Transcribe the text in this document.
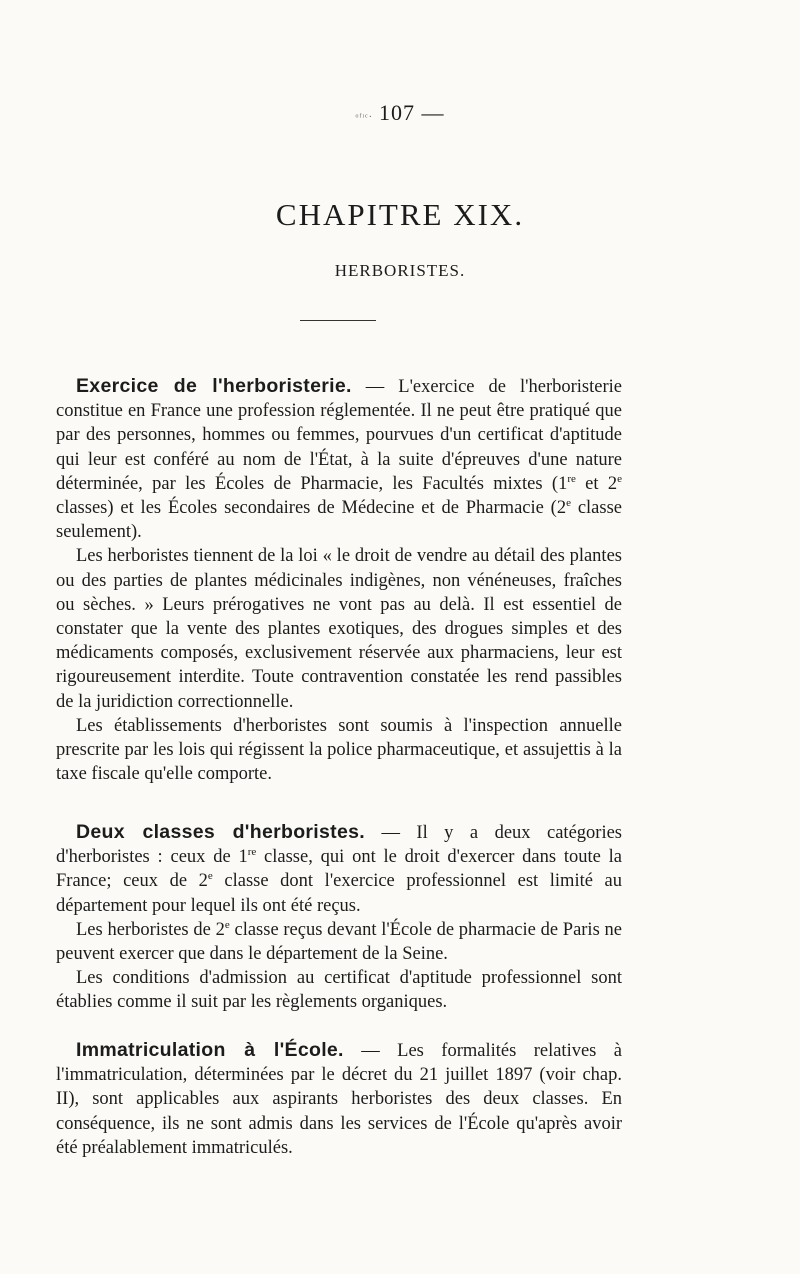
ᵒᶠᶦᶜ· 107 —
CHAPITRE XIX.
HERBORISTES.

Exercice de l'herboristerie. — L'exercice de l'herboristerie constitue en France une profession réglementée. Il ne peut être pratiqué que par des personnes, hommes ou femmes, pourvues d'un certificat d'aptitude qui leur est conféré au nom de l'État, à la suite d'épreuves d'une nature déterminée, par les Écoles de Pharmacie, les Facultés mixtes (1re et 2e classes) et les Écoles secondaires de Médecine et de Pharmacie (2e classe seulement).

Les herboristes tiennent de la loi « le droit de vendre au détail des plantes ou des parties de plantes médicinales indigènes, non vénéneuses, fraîches ou sèches. » Leurs prérogatives ne vont pas au delà. Il est essentiel de constater que la vente des plantes exotiques, des drogues simples et des médicaments composés, exclusivement réservée aux pharmaciens, leur est rigoureusement interdite. Toute contravention constatée les rend passibles de la juridiction correctionnelle.

Les établissements d'herboristes sont soumis à l'inspection annuelle prescrite par les lois qui régissent la police pharmaceutique, et assujettis à la taxe fiscale qu'elle comporte.

Deux classes d'herboristes. — Il y a deux catégories d'herboristes : ceux de 1re classe, qui ont le droit d'exercer dans toute la France; ceux de 2e classe dont l'exercice professionnel est limité au département pour lequel ils ont été reçus.

Les herboristes de 2e classe reçus devant l'École de pharmacie de Paris ne peuvent exercer que dans le département de la Seine.

Les conditions d'admission au certificat d'aptitude professionnel sont établies comme il suit par les règlements organiques.

Immatriculation à l'École. — Les formalités relatives à l'immatriculation, déterminées par le décret du 21 juillet 1897 (voir chap. II), sont applicables aux aspirants herboristes des deux classes. En conséquence, ils ne sont admis dans les services de l'École qu'après avoir été préalablement immatriculés.
